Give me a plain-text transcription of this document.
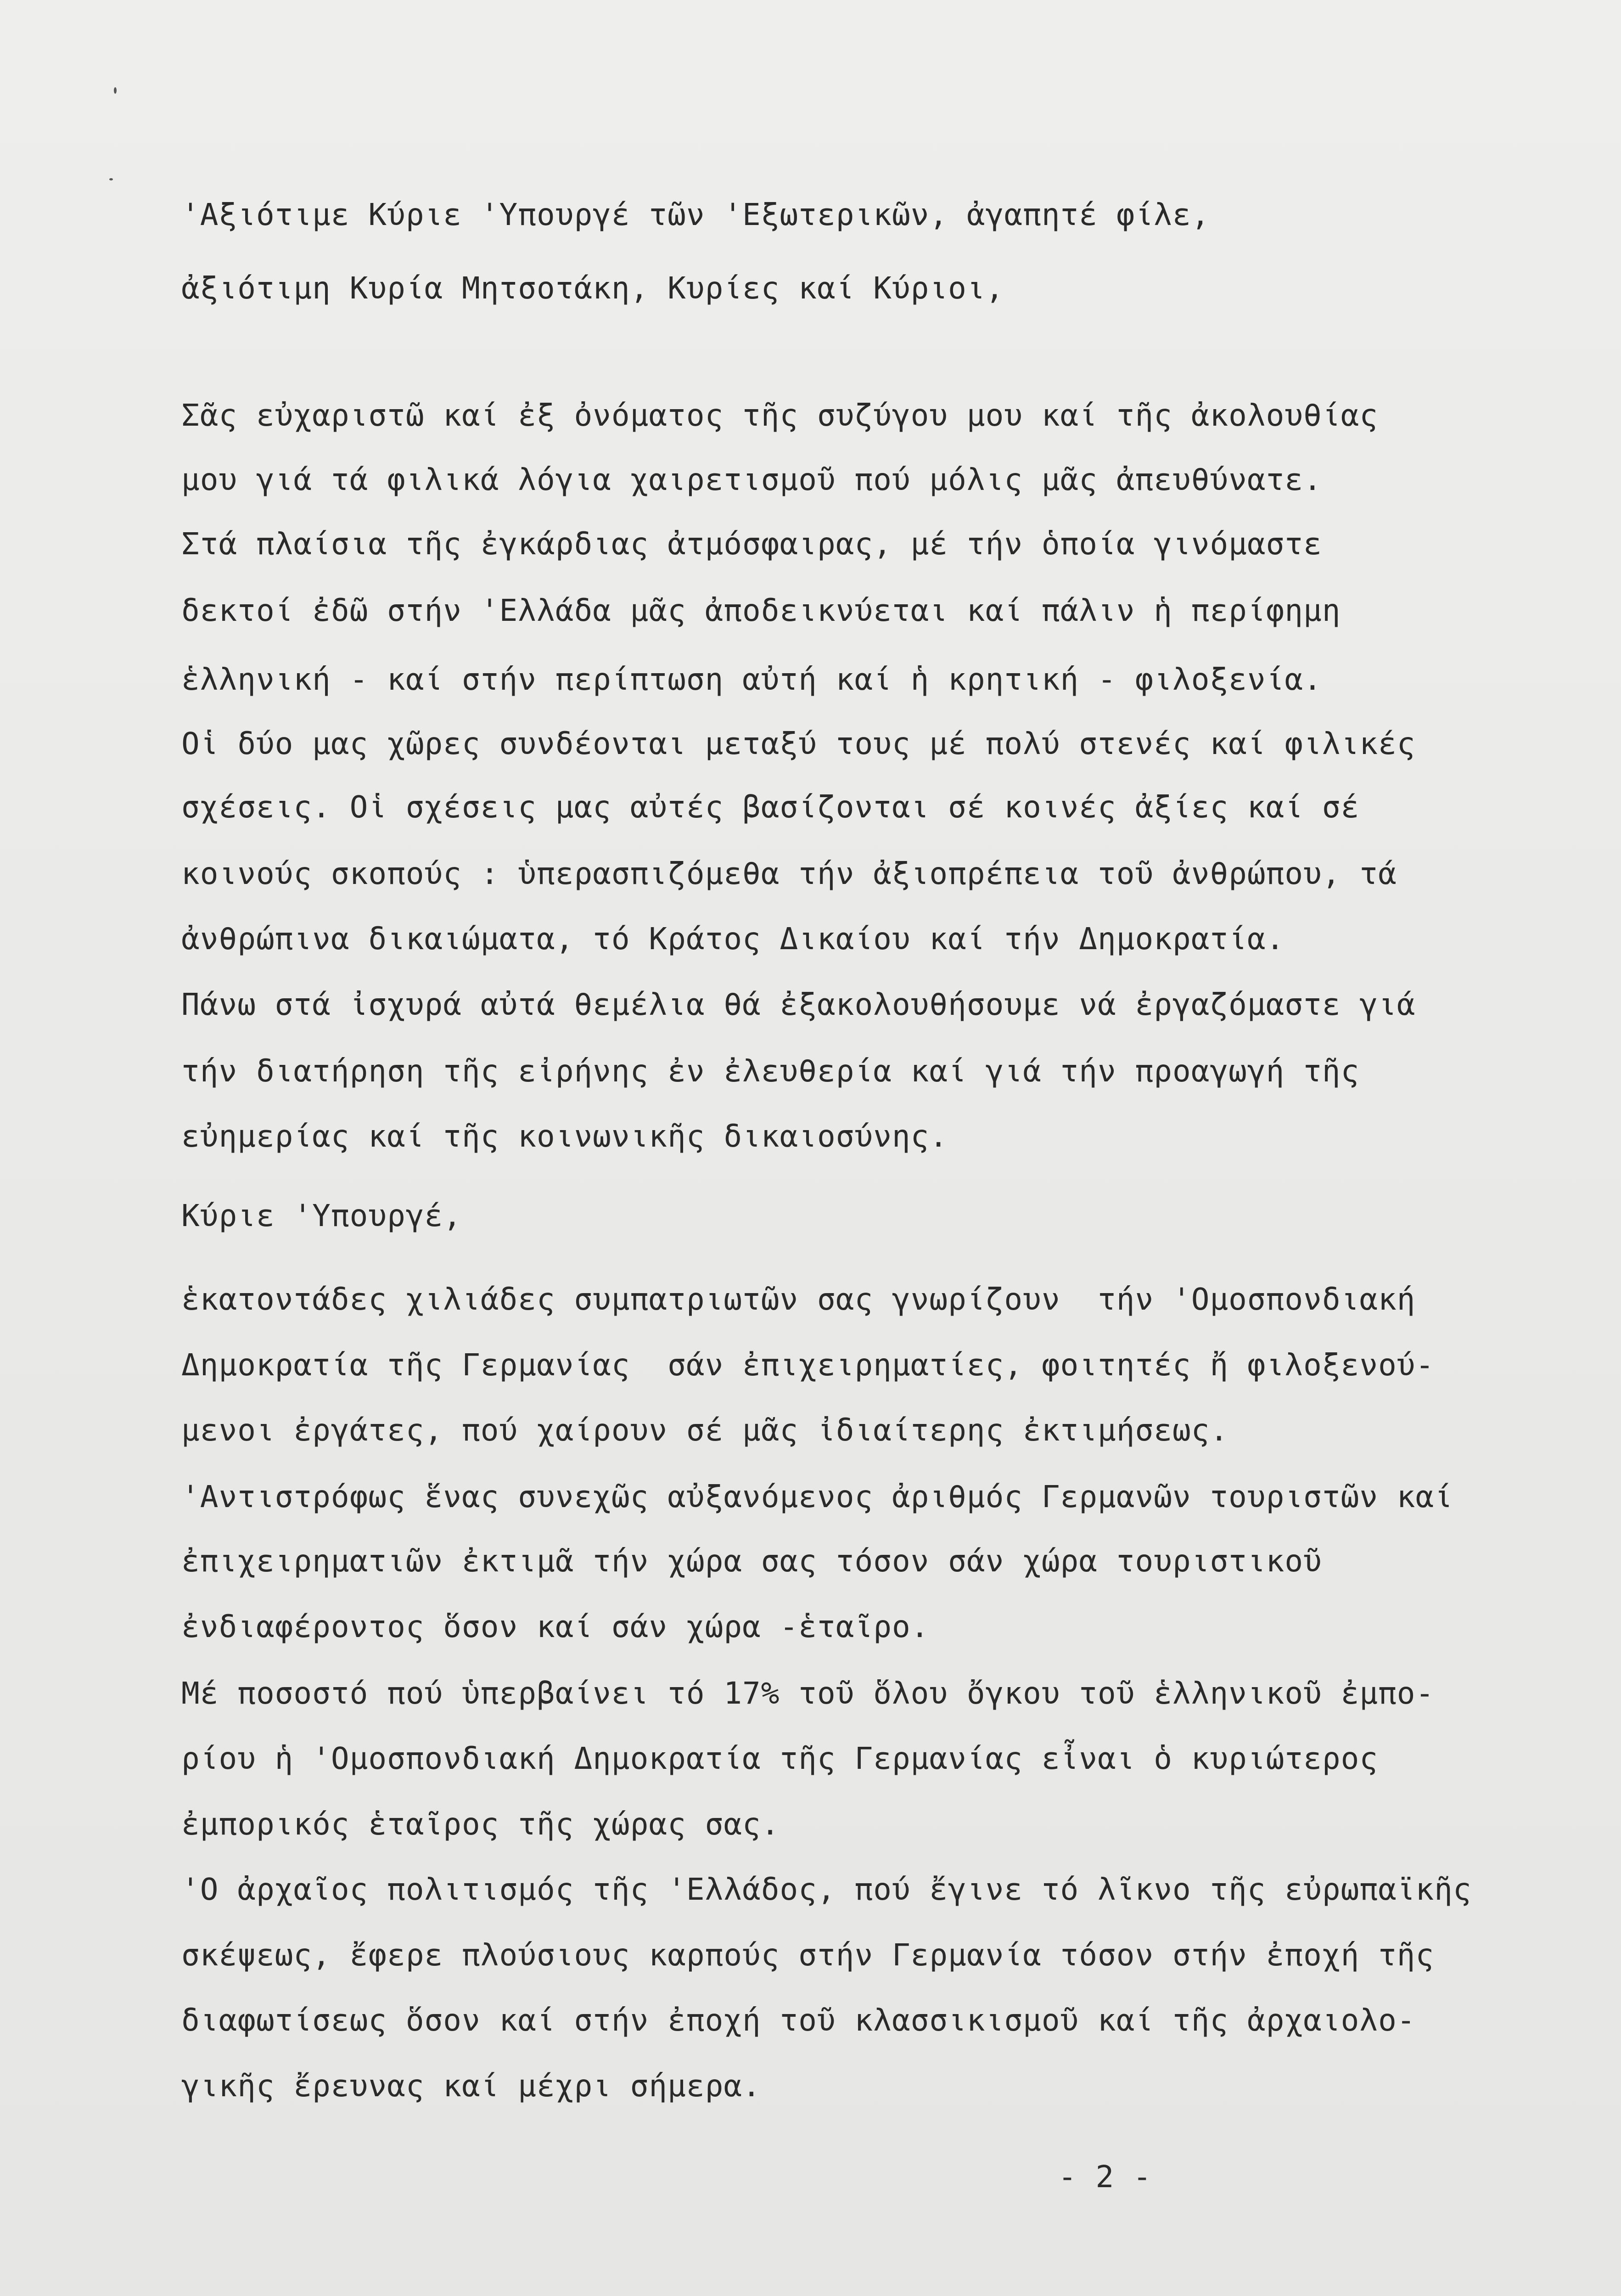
'Αξιότιμε Κύριε 'Υπουργέ τῶν 'Εξωτερικῶν, ἀγαπητέ φίλε,
ἀξιότιμη Κυρία Μητσοτάκη, Κυρίες καί Κύριοι,
Σᾶς εὐχαριστῶ καί ἐξ ὀνόματος τῆς συζύγου μου καί τῆς ἀκολουθίας
μου γιά τά φιλικά λόγια χαιρετισμοῦ πού μόλις μᾶς ἀπευθύνατε.
Στά πλαίσια τῆς ἐγκάρδιας ἀτμόσφαιρας, μέ τήν ὁποία γινόμαστε
δεκτοί ἐδῶ στήν 'Ελλάδα μᾶς ἀποδεικνύεται καί πάλιν ἡ περίφημη
ἑλληνική - καί στήν περίπτωση αὐτή καί ἡ κρητική - φιλοξενία.
Οἱ δύο μας χῶρες συνδέονται μεταξύ τους μέ πολύ στενές καί φιλικές
σχέσεις. Οἱ σχέσεις μας αὐτές βασίζονται σέ κοινές ἀξίες καί σέ
κοινούς σκοπούς : ὑπερασπιζόμεθα τήν ἀξιοπρέπεια τοῦ ἀνθρώπου, τά
ἀνθρώπινα δικαιώματα, τό Κράτος Δικαίου καί τήν Δημοκρατία.
Πάνω στά ἰσχυρά αὐτά θεμέλια θά ἐξακολουθήσουμε νά ἐργαζόμαστε γιά
τήν διατήρηση τῆς εἰρήνης ἐν ἐλευθερία καί γιά τήν προαγωγή τῆς
εὐημερίας καί τῆς κοινωνικῆς δικαιοσύνης.
Κύριε 'Υπουργέ,
ἑκατοντάδες χιλιάδες συμπατριωτῶν σας γνωρίζουν  τήν 'Ομοσπονδιακή
Δημοκρατία τῆς Γερμανίας  σάν ἐπιχειρηματίες, φοιτητές ἤ φιλοξενού-
μενοι ἐργάτες, πού χαίρουν σέ μᾶς ἰδιαίτερης ἐκτιμήσεως.
'Αντιστρόφως ἕνας συνεχῶς αὐξανόμενος ἀριθμός Γερμανῶν τουριστῶν καί
ἐπιχειρηματιῶν ἐκτιμᾶ τήν χώρα σας τόσον σάν χώρα τουριστικοῦ
ἐνδιαφέροντος ὅσον καί σάν χώρα -ἑταῖρο.
Μέ ποσοστό πού ὑπερβαίνει τό 17% τοῦ ὅλου ὄγκου τοῦ ἑλληνικοῦ ἐμπο-
ρίου ἡ 'Ομοσπονδιακή Δημοκρατία τῆς Γερμανίας εἶναι ὁ κυριώτερος
ἐμπορικός ἑταῖρος τῆς χώρας σας.
'Ο ἀρχαῖος πολιτισμός τῆς 'Ελλάδος, πού ἔγινε τό λῖκνο τῆς εὐρωπαϊκῆς
σκέψεως, ἔφερε πλούσιους καρπούς στήν Γερμανία τόσον στήν ἐποχή τῆς
διαφωτίσεως ὅσον καί στήν ἐποχή τοῦ κλασσικισμοῦ καί τῆς ἀρχαιολο-
γικῆς ἔρευνας καί μέχρι σήμερα.
- 2 -
